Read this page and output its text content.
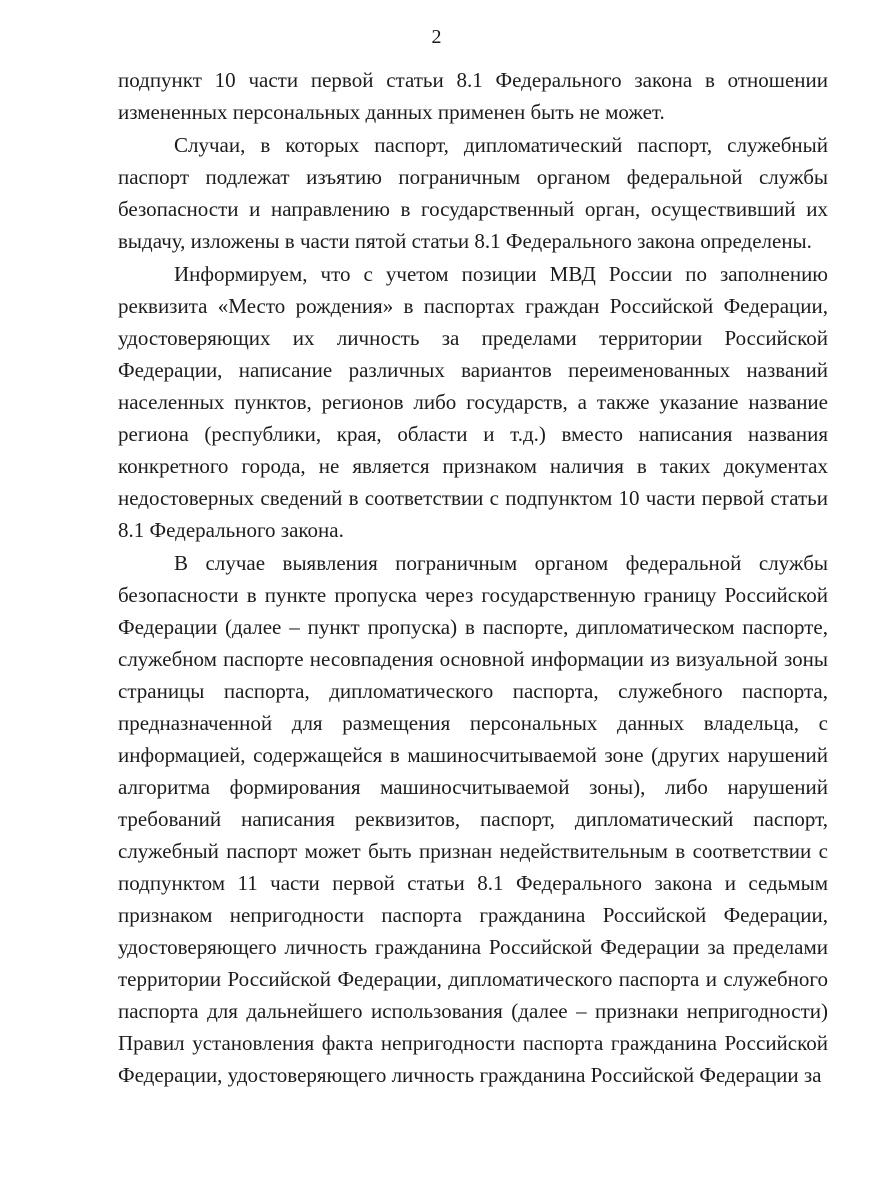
2

подпункт 10 части первой статьи 8.1 Федерального закона в отношении измененных персональных данных применен быть не может.

Случаи, в которых паспорт, дипломатический паспорт, служебный паспорт подлежат изъятию пограничным органом федеральной службы безопасности и направлению в государственный орган, осуществивший их выдачу, изложены в части пятой статьи 8.1 Федерального закона определены.

Информируем, что с учетом позиции МВД России по заполнению реквизита «Место рождения» в паспортах граждан Российской Федерации, удостоверяющих их личность за пределами территории Российской Федерации, написание различных вариантов переименованных названий населенных пунктов, регионов либо государств, а также указание название региона (республики, края, области и т.д.) вместо написания названия конкретного города, не является признаком наличия в таких документах недостоверных сведений в соответствии с подпунктом 10 части первой статьи 8.1 Федерального закона.

В случае выявления пограничным органом федеральной службы безопасности в пункте пропуска через государственную границу Российской Федерации (далее – пункт пропуска) в паспорте, дипломатическом паспорте, служебном паспорте несовпадения основной информации из визуальной зоны страницы паспорта, дипломатического паспорта, служебного паспорта, предназначенной для размещения персональных данных владельца, с информацией, содержащейся в машиносчитываемой зоне (других нарушений алгоритма формирования машиносчитываемой зоны), либо нарушений требований написания реквизитов, паспорт, дипломатический паспорт, служебный паспорт может быть признан недействительным в соответствии с подпунктом 11 части первой статьи 8.1 Федерального закона и седьмым признаком непригодности паспорта гражданина Российской Федерации, удостоверяющего личность гражданина Российской Федерации за пределами территории Российской Федерации, дипломатического паспорта и служебного паспорта для дальнейшего использования (далее – признаки непригодности) Правил установления факта непригодности паспорта гражданина Российской Федерации, удостоверяющего личность гражданина Российской Федерации за
